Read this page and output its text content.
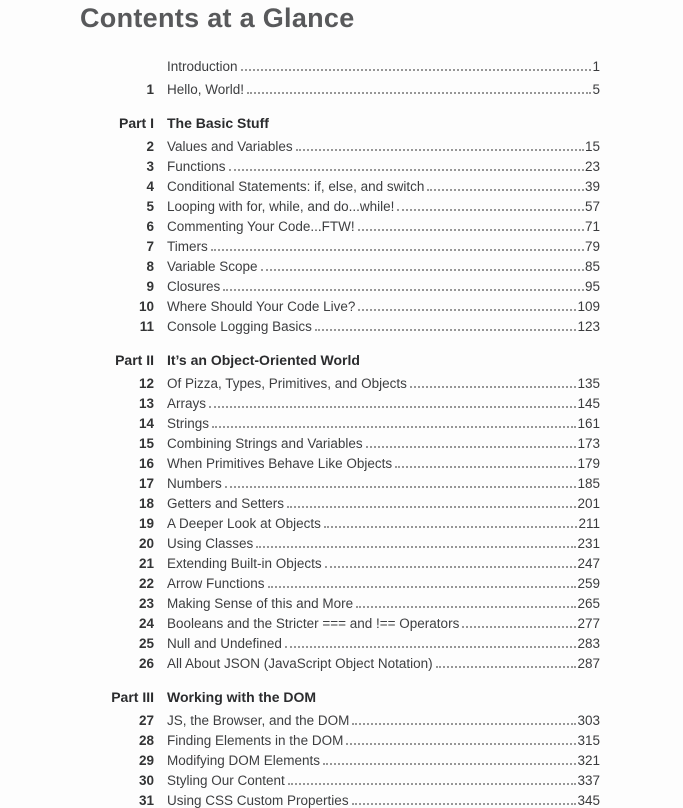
Contents at a Glance
Introduction	1
1 Hello, World!	5
Part I The Basic Stuff
2 Values and Variables	15
3 Functions	23
4 Conditional Statements: if, else, and switch	39
5 Looping with for, while, and do...while!	57
6 Commenting Your Code...FTW!	71
7 Timers	79
8 Variable Scope	85
9 Closures	95
10 Where Should Your Code Live?	109
11 Console Logging Basics	123
Part II It’s an Object-Oriented World
12 Of Pizza, Types, Primitives, and Objects	135
13 Arrays	145
14 Strings	161
15 Combining Strings and Variables	173
16 When Primitives Behave Like Objects	179
17 Numbers	185
18 Getters and Setters	201
19 A Deeper Look at Objects	211
20 Using Classes	231
21 Extending Built-in Objects	247
22 Arrow Functions	259
23 Making Sense of this and More	265
24 Booleans and the Stricter === and !== Operators	277
25 Null and Undefined	283
26 All About JSON (JavaScript Object Notation)	287
Part III Working with the DOM
27 JS, the Browser, and the DOM	303
28 Finding Elements in the DOM	315
29 Modifying DOM Elements	321
30 Styling Our Content	337
31 Using CSS Custom Properties	345
